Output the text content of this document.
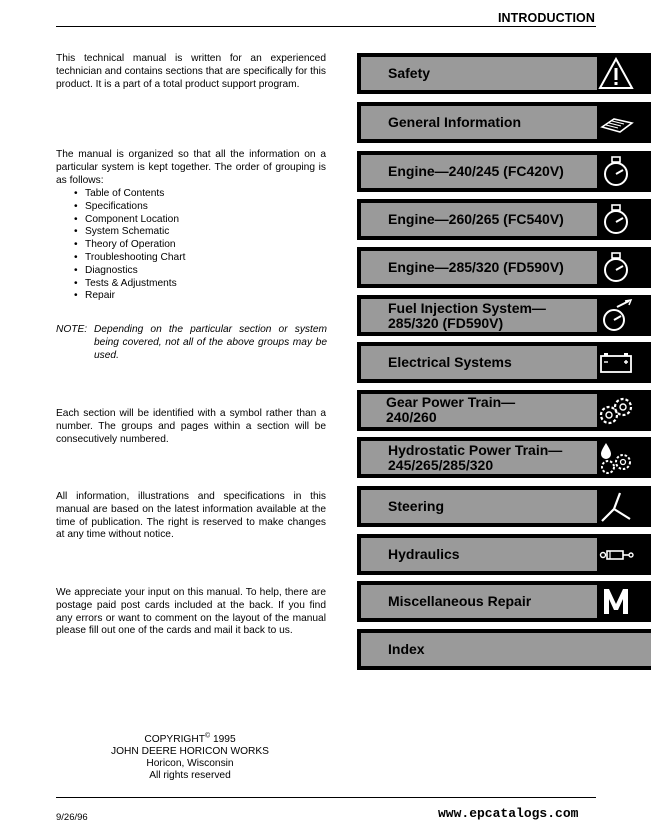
INTRODUCTION
This technical manual is written for an experienced technician and contains sections that are specifically for this product. It is a part of a total product support program.
The manual is organized so that all the information on a particular system is kept together. The order of grouping is as follows:
• Table of Contents
• Specifications
• Component Location
• System Schematic
• Theory of Operation
• Troubleshooting Chart
• Diagnostics
• Tests & Adjustments
• Repair
NOTE: Depending on the particular section or system being covered, not all of the above groups may be used.
Each section will be identified with a symbol rather than a number. The groups and pages within a section will be consecutively numbered.
All information, illustrations and specifications in this manual are based on the latest information available at the time of publication. The right is reserved to make changes at any time without notice.
We appreciate your input on this manual. To help, there are postage paid post cards included at the back. If you find any errors or want to comment on the layout of the manual please fill out one of the cards and mail it back to us.
COPYRIGHT© 1995
JOHN DEERE HORICON WORKS
Horicon, Wisconsin
All rights reserved
9/26/96	www.epcatalogs.com
Safety
General Information
Engine—240/245 (FC420V)
Engine—260/265 (FC540V)
Engine—285/320 (FD590V)
Fuel Injection System—
285/320 (FD590V)
Electrical Systems
Gear Power Train—
240/260
Hydrostatic Power Train—
245/265/285/320
Steering
Hydraulics
Miscellaneous Repair
Index
